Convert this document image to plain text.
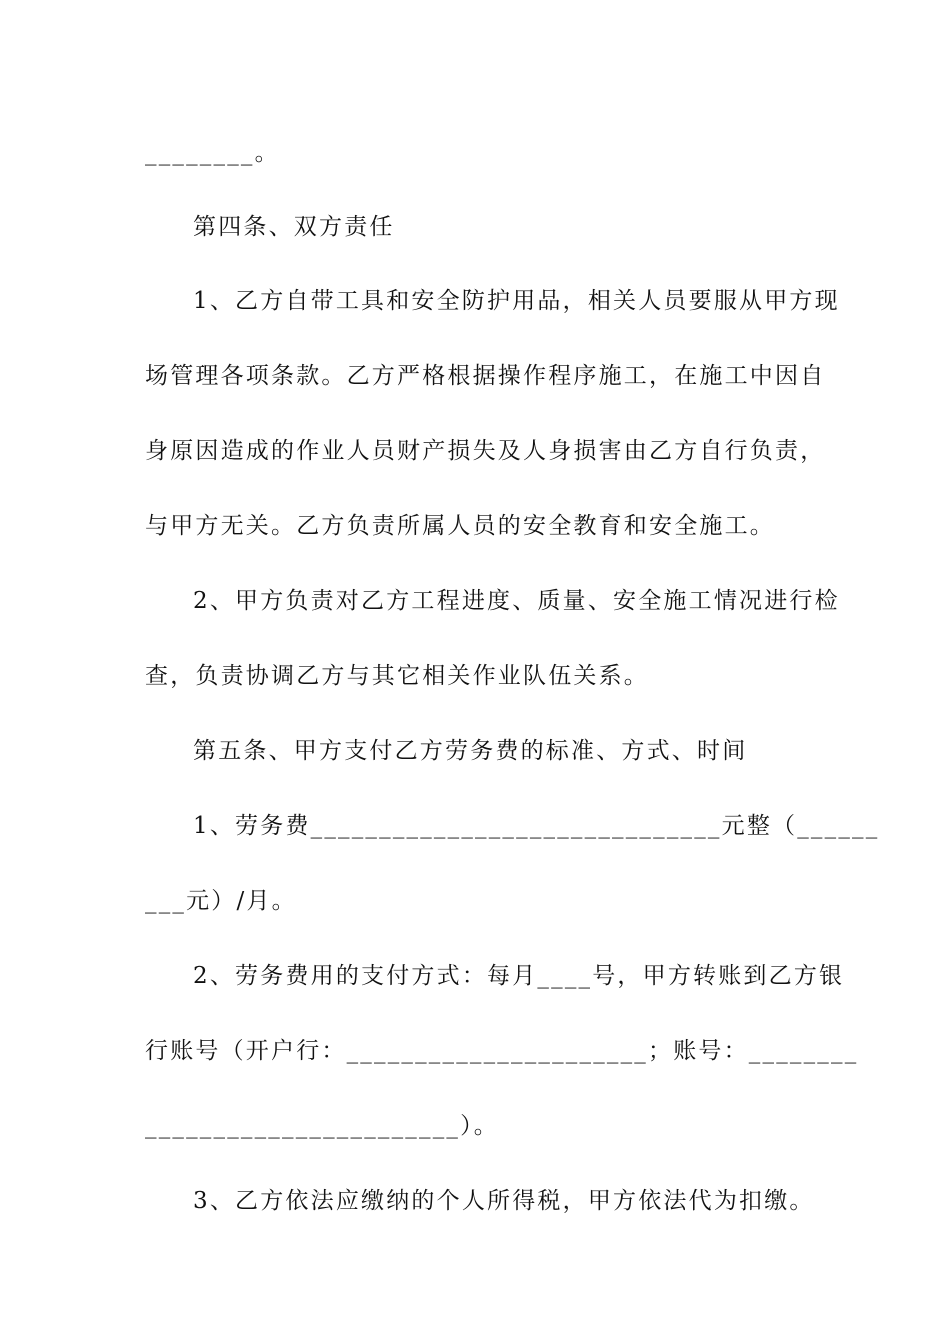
________。
第四条、双方责任
1、乙方自带工具和安全防护用品，相关人员要服从甲方现
场管理各项条款。乙方严格根据操作程序施工，在施工中因自
身原因造成的作业人员财产损失及人身损害由乙方自行负责，
与甲方无关。乙方负责所属人员的安全教育和安全施工。
2、甲方负责对乙方工程进度、质量、安全施工情况进行检
查，负责协调乙方与其它相关作业队伍关系。
第五条、甲方支付乙方劳务费的标准、方式、时间
1、劳务费______________________________元整（______
___元）/月。
2、劳务费用的支付方式：每月____号，甲方转账到乙方银
行账号（开户行：______________________；账号：________
_______________________）。
3、乙方依法应缴纳的个人所得税，甲方依法代为扣缴。
